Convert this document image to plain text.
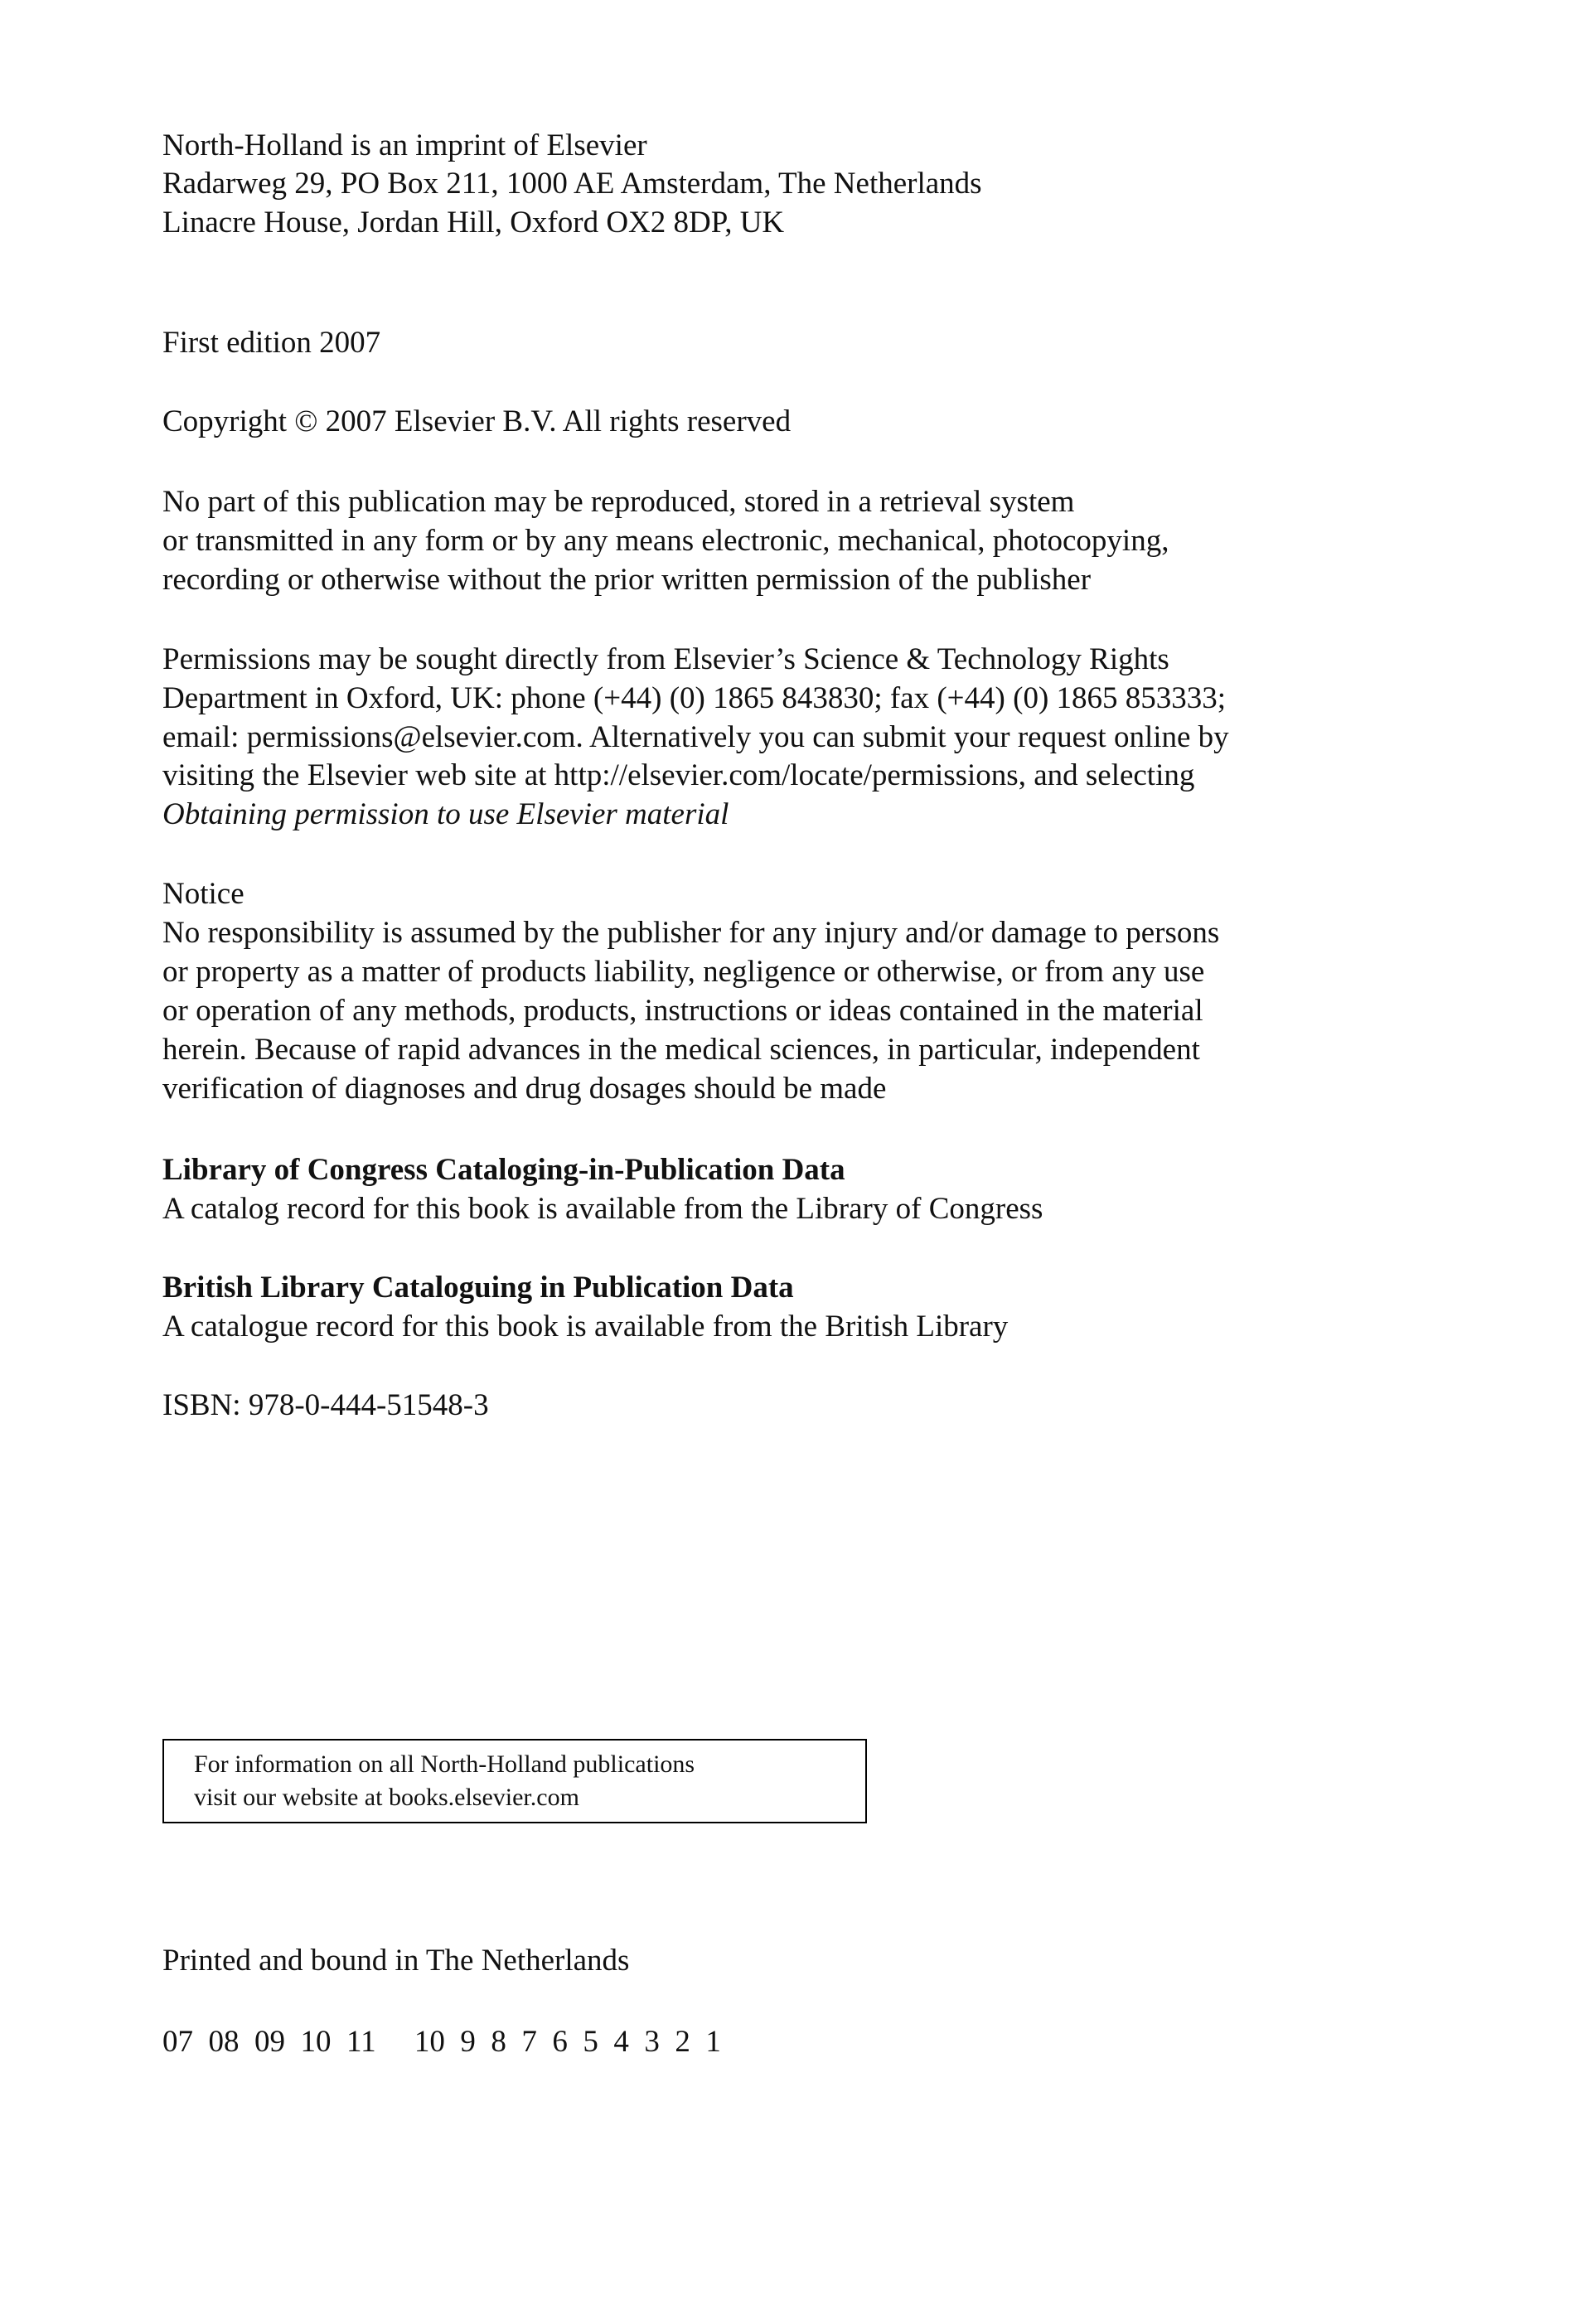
North-Holland is an imprint of Elsevier
Radarweg 29, PO Box 211, 1000 AE Amsterdam, The Netherlands
Linacre House, Jordan Hill, Oxford OX2 8DP, UK
First edition 2007
Copyright © 2007 Elsevier B.V. All rights reserved
No part of this publication may be reproduced, stored in a retrieval system
or transmitted in any form or by any means electronic, mechanical, photocopying,
recording or otherwise without the prior written permission of the publisher
Permissions may be sought directly from Elsevier’s Science & Technology Rights
Department in Oxford, UK: phone (+44) (0) 1865 843830; fax (+44) (0) 1865 853333;
email: permissions@elsevier.com. Alternatively you can submit your request online by
visiting the Elsevier web site at http://elsevier.com/locate/permissions, and selecting
Obtaining permission to use Elsevier material
Notice
No responsibility is assumed by the publisher for any injury and/or damage to persons
or property as a matter of products liability, negligence or otherwise, or from any use
or operation of any methods, products, instructions or ideas contained in the material
herein. Because of rapid advances in the medical sciences, in particular, independent
verification of diagnoses and drug dosages should be made
Library of Congress Cataloging-in-Publication Data
A catalog record for this book is available from the Library of Congress
British Library Cataloguing in Publication Data
A catalogue record for this book is available from the British Library
ISBN: 978-0-444-51548-3
For information on all North-Holland publications
visit our website at books.elsevier.com
Printed and bound in The Netherlands
07  08  09  10  11     10  9  8  7  6  5  4  3  2  1
